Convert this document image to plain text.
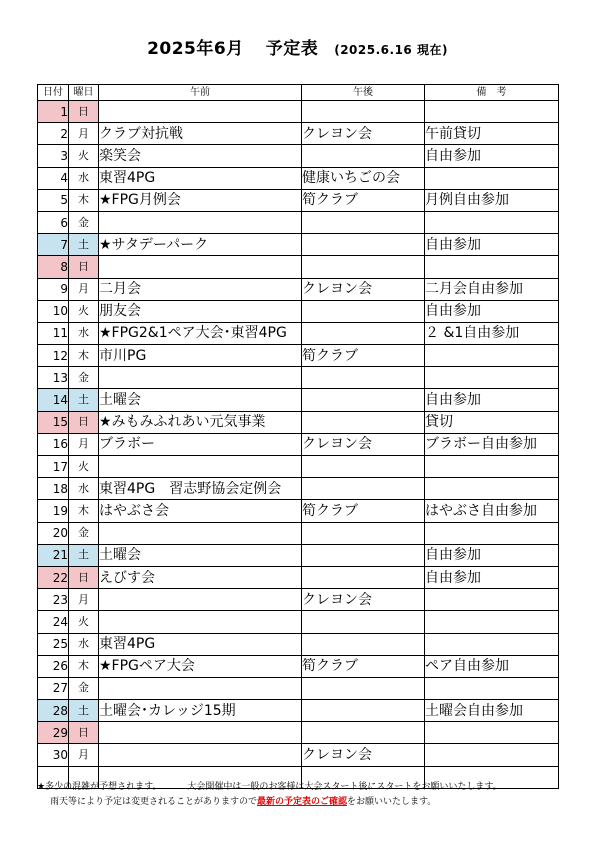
2025年6月 予定表 (2025.6.16 現在)
日付	曜日	午前	午後	備　考
1	日			
2	月	クラブ対抗戦	クレヨン会	午前貸切
3	火	楽笑会		自由参加
4	水	東習4PG	健康いちごの会	
5	木	★FPG月例会	筍クラブ	月例自由参加
6	金			
7	土	★サタデーパーク		自由参加
8	日			
9	月	二月会	クレヨン会	二月会自由参加
10	火	朋友会		自由参加
11	水	★FPG2&1ペア大会･東習4PG		２ &1自由参加
12	木	市川PG	筍クラブ	
13	金			
14	土	土曜会		自由参加
15	日	★みもみふれあい元気事業		貸切
16	月	ブラボー	クレヨン会	ブラボー自由参加
17	火			
18	水	東習4PG　習志野協会定例会		
19	木	はやぶさ会	筍クラブ	はやぶさ自由参加
20	金			
21	土	土曜会		自由参加
22	日	えびす会		自由参加
23	月		クレヨン会	
24	火			
25	水	東習4PG		
26	木	★FPGペア大会	筍クラブ	ペア自由参加
27	金			
28	土	土曜会･カレッジ15期		土曜会自由参加
29	日			
30	月		クレヨン会	

★多少の混雑が予想されます。	大会開催中は一般のお客様は大会スタート後にスタートをお願いいたします。
雨天等により予定は変更されることがありますので最新の予定表のご確認をお願いいたします。
